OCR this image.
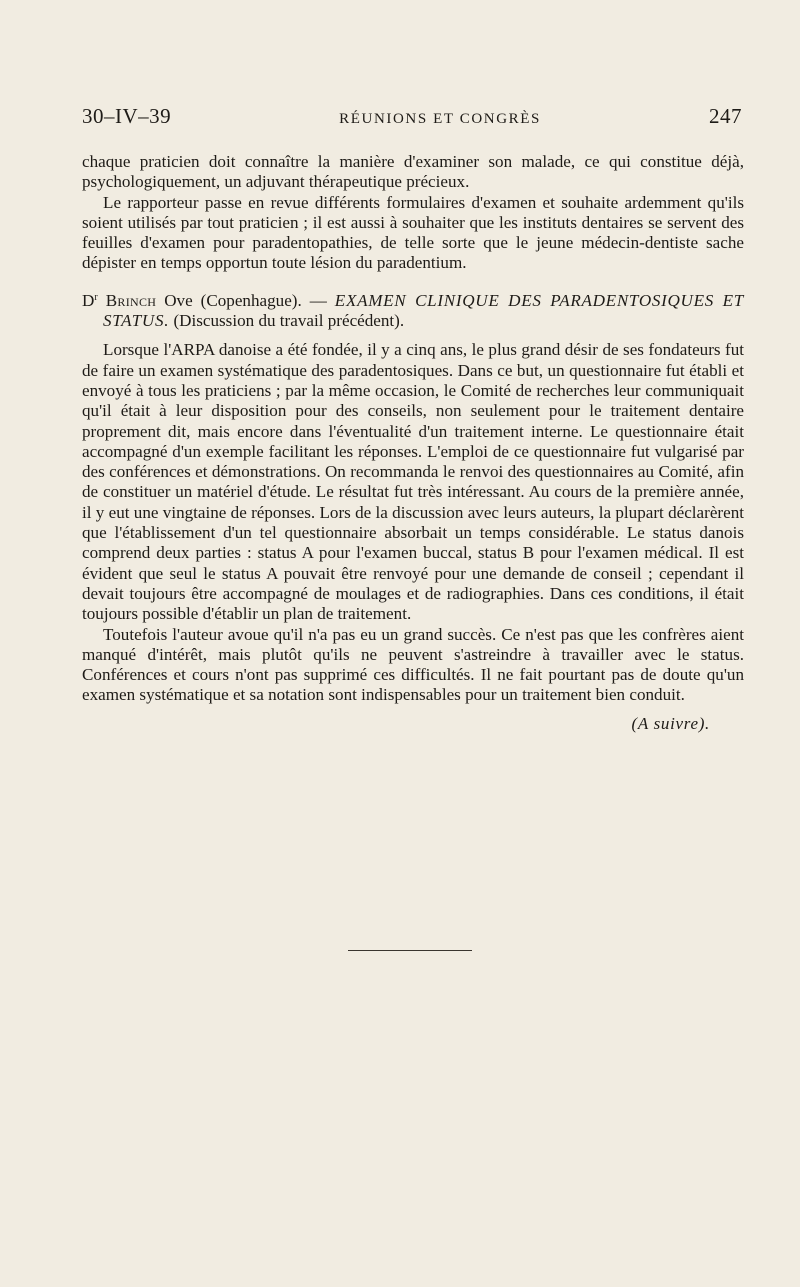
30–IV–39	RÉUNIONS ET CONGRÈS	247

chaque praticien doit connaître la manière d'examiner son malade, ce qui constitue déjà, psychologiquement, un adjuvant thérapeutique précieux.

Le rapporteur passe en revue différents formulaires d'examen et souhaite ardemment qu'ils soient utilisés par tout praticien ; il est aussi à souhaiter que les instituts dentaires se servent des feuilles d'examen pour paradentopathies, de telle sorte que le jeune médecin-dentiste sache dépister en temps opportun toute lésion du paradentium.

$D^r$ Brinch Ove (Copenhague). — EXAMEN CLINIQUE DES PARADENTOSIQUES ET STATUS. (Discussion du travail précédent).

Lorsque l'ARPA danoise a été fondée, il y a cinq ans, le plus grand désir de ses fondateurs fut de faire un examen systématique des paradentosiques. Dans ce but, un questionnaire fut établi et envoyé à tous les praticiens ; par la même occasion, le Comité de recherches leur communiquait qu'il était à leur disposition pour des conseils, non seulement pour le traitement dentaire proprement dit, mais encore dans l'éventualité d'un traitement interne. Le questionnaire était accompagné d'un exemple facilitant les réponses. L'emploi de ce questionnaire fut vulgarisé par des conférences et démonstrations. On recommanda le renvoi des questionnaires au Comité, afin de constituer un matériel d'étude. Le résultat fut très intéressant. Au cours de la première année, il y eut une vingtaine de réponses. Lors de la discussion avec leurs auteurs, la plupart déclarèrent que l'établissement d'un tel questionnaire absorbait un temps considérable. Le status danois comprend deux parties : status A pour l'examen buccal, status B pour l'examen médical. Il est évident que seul le status A pouvait être renvoyé pour une demande de conseil ; cependant il devait toujours être accompagné de moulages et de radiographies. Dans ces conditions, il était toujours possible d'établir un plan de traitement.

Toutefois l'auteur avoue qu'il n'a pas eu un grand succès. Ce n'est pas que les confrères aient manqué d'intérêt, mais plutôt qu'ils ne peuvent s'astreindre à travailler avec le status. Conférences et cours n'ont pas supprimé ces difficultés. Il ne fait pourtant pas de doute qu'un examen systématique et sa notation sont indispensables pour un traitement bien conduit.

(A suivre).
